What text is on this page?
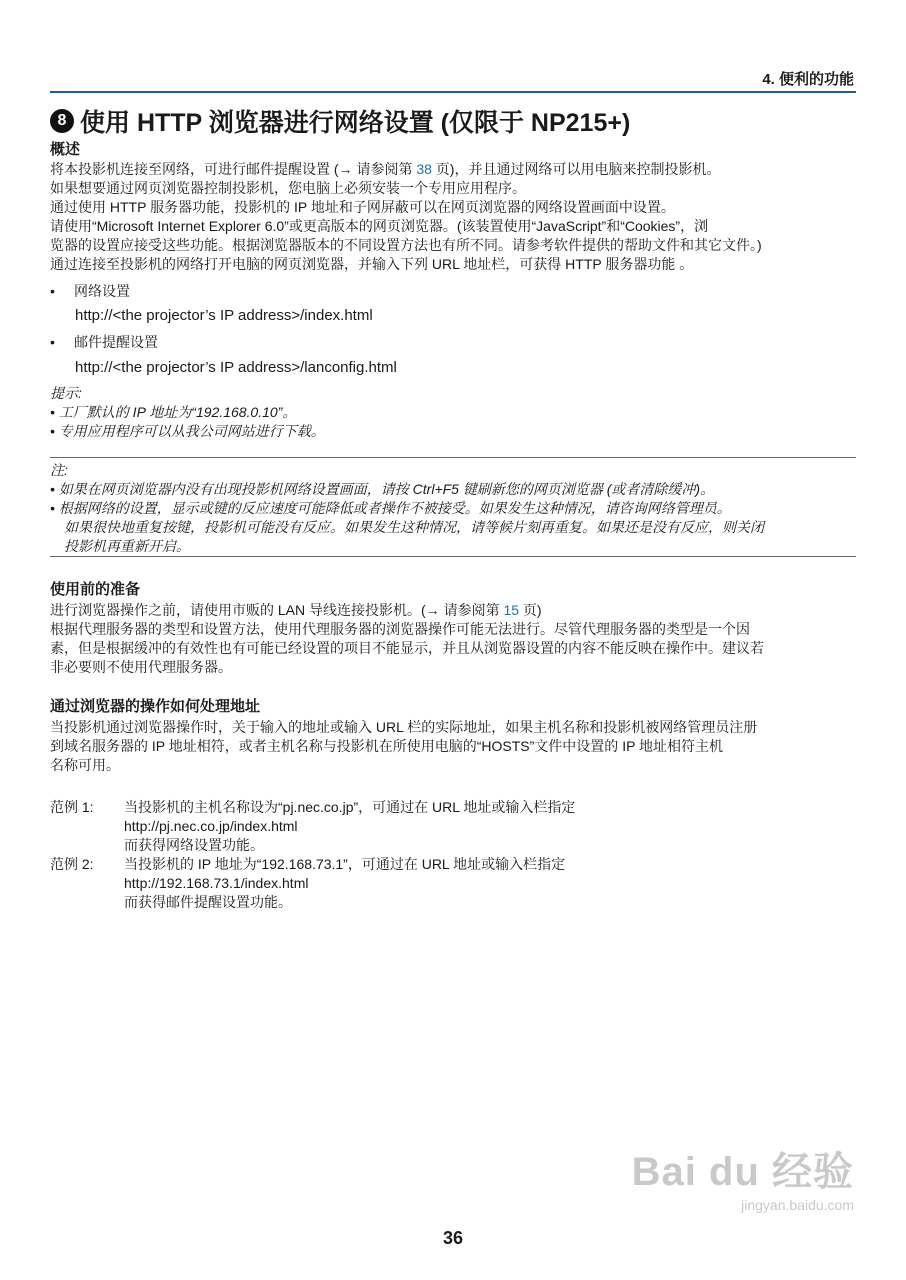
4. 便利的功能
8 使用 HTTP 浏览器进行网络设置 (仅限于 NP215+)
概述
将本投影机连接至网络，可进行邮件提醒设置 (→ 请参阅第 38 页)，并且通过网络可以用电脑来控制投影机。
如果想要通过网页浏览器控制投影机，您电脑上必须安装一个专用应用程序。
通过使用 HTTP 服务器功能，投影机的 IP 地址和子网屏蔽可以在网页浏览器的网络设置画面中设置。
请使用“Microsoft Internet Explorer 6.0”或更高版本的网页浏览器。(该装置使用“JavaScript”和“Cookies”，浏
览器的设置应接受这些功能。根据浏览器版本的不同设置方法也有所不同。请参考软件提供的帮助文件和其它文件。)
通过连接至投影机的网络打开电脑的网页浏览器，并输入下列 URL 地址栏，可获得 HTTP 服务器功能 。
• 网络设置
http://<the projector’s IP address>/index.html
• 邮件提醒设置
http://<the projector’s IP address>/lanconfig.html
提示:
• 工厂默认的 IP 地址为“192.168.0.10”。
• 专用应用程序可以从我公司网站进行下载。
注:
• 如果在网页浏览器内没有出现投影机网络设置画面，请按 Ctrl+F5 键刷新您的网页浏览器 (或者清除缓冲)。
• 根据网络的设置，显示或键的反应速度可能降低或者操作不被接受。如果发生这种情况，请咨询网络管理员。
如果很快地重复按键，投影机可能没有反应。如果发生这种情况，请等候片刻再重复。如果还是没有反应，则关闭
投影机再重新开启。
使用前的准备
进行浏览器操作之前，请使用市贩的 LAN 导线连接投影机。(→ 请参阅第 15 页)
根据代理服务器的类型和设置方法，使用代理服务器的浏览器操作可能无法进行。尽管代理服务器的类型是一个因
素，但是根据缓冲的有效性也有可能已经设置的项目不能显示，并且从浏览器设置的内容不能反映在操作中。建议若
非必要则不使用代理服务器。
通过浏览器的操作如何处理地址
当投影机通过浏览器操作时，关于输入的地址或输入 URL 栏的实际地址，如果主机名称和投影机被网络管理员注册
到域名服务器的 IP 地址相符，或者主机名称与投影机在所使用电脑的“HOSTS”文件中设置的 IP 地址相符主机
名称可用。
范例 1: 当投影机的主机名称设为“pj.nec.co.jp”，可通过在 URL 地址或输入栏指定
http://pj.nec.co.jp/index.html
而获得网络设置功能。
范例 2: 当投影机的 IP 地址为“192.168.73.1”，可通过在 URL 地址或输入栏指定
http://192.168.73.1/index.html
而获得邮件提醒设置功能。
Bai du 经验
jingyan.baidu.com
36
